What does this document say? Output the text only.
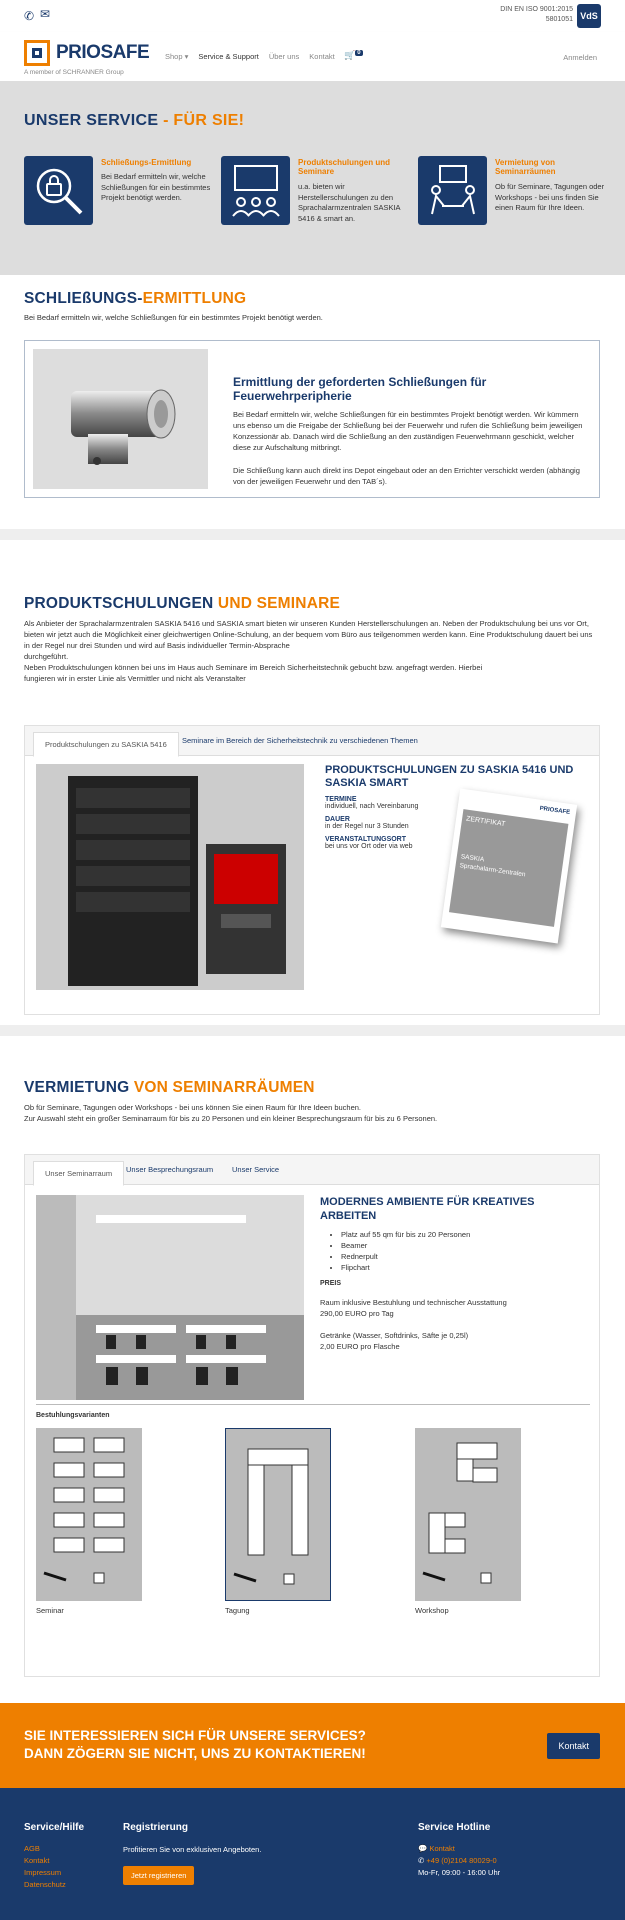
✆ ✉	DIN EN ISO 9001:2015
5801051 VdS
PRIOSAFE
A member of SCHRANNER Group
Shop ▾ Service & Support Über uns Kontakt 🛒 0	Anmelden
UNSER SERVICE - FÜR SIE!
Schließungs-Ermittlung

Bei Bedarf ermitteln wir, welche Schließungen für ein bestimmtes Projekt benötigt werden.

Produktschulungen und Seminare

u.a. bieten wir Herstellerschulungen zu den Sprachalarmzentralen SASKIA 5416 & smart an.

Vermietung von Seminarräumen

Ob für Seminare, Tagungen oder Workshops - bei uns finden Sie einen Raum für Ihre Ideen.

SCHLIEßUNGS-ERMITTLUNG
Bei Bedarf ermitteln wir, welche Schließungen für ein bestimmtes Projekt benötigt werden.
Ermittlung der geforderten Schließungen für Feuerwehrperipherie
Bei Bedarf ermitteln wir, welche Schließungen für ein bestimmtes Projekt benötigt werden. Wir kümmern uns ebenso um die Freigabe der Schließung bei der Feuerwehr und rufen die Schließung beim jeweiligen Konzessionär ab. Danach wird die Schließung an den zuständigen Feuerwehrmann geschickt, welcher diese zur Aufschaltung mitbringt.
Die Schließung kann auch direkt ins Depot eingebaut oder an den Errichter verschickt werden (abhängig von der jeweiligen Feuerwehr und den TAB´s).
PRODUKTSCHULUNGEN UND SEMINARE
Als Anbieter der Sprachalarmzentralen SASKIA 5416 und SASKIA smart bieten wir unseren Kunden Herstellerschulungen an. Neben der Produktschulung bei uns vor Ort, bieten wir jetzt auch die Möglichkeit einer gleichwertigen Online-Schulung, an der bequem vom Büro aus teilgenommen werden kann. Eine Produktschulung dauert bei uns in der Regel nur drei Stunden und wird auf Basis individueller Termin-Absprache
durchgeführt.
Neben Produktschulungen können bei uns im Haus auch Seminare im Bereich Sicherheitstechnik gebucht bzw. angefragt werden. Hierbei
fungieren wir in erster Linie als Vermittler und nicht als Veranstalter
Produktschulungen zu SASKIA 5416	Seminare im Bereich der Sicherheitstechnik zu verschiedenen Themen
PRODUKTSCHULUNGEN ZU SASKIA 5416 UND SASKIA SMART
TERMINE
individuell, nach Vereinbarung
DAUER
in der Regel nur 3 Stunden
VERANSTALTUNGSORT
bei uns vor Ort oder via web
PRIOSAFE
ZERTIFIKAT
SASKIA
Sprachalarm-Zentralen
VERMIETUNG VON SEMINARRÄUMEN
Ob für Seminare, Tagungen oder Workshops - bei uns können Sie einen Raum für Ihre Ideen buchen.
Zur Auswahl steht ein großer Seminarraum für bis zu 20 Personen und ein kleiner Besprechungsraum für bis zu 6 Personen.
Unser Seminarraum	Unser Besprechungsraum	Unser Service
MODERNES AMBIENTE FÜR KREATIVES ARBEITEN
• Platz auf 55 qm für bis zu 20 Personen
• Beamer
• Rednerpult
• Flipchart
PREIS
Raum inklusive Bestuhlung und technischer Ausstattung
290,00 EURO pro Tag
Getränke (Wasser, Softdrinks, Säfte je 0,25l)
2,00 EURO pro Flasche
Bestuhlungsvarianten
Seminar	Tagung	Workshop
SIE INTERESSIEREN SICH FÜR UNSERE SERVICES?
DANN ZÖGERN SIE NICHT, UNS ZU KONTAKTIEREN!	Kontakt
Service/Hilfe
AGB
Kontakt
Impressum
Datenschutz
Registrierung
Profitieren Sie von exklusiven Angeboten.
Jetzt registrieren
Service Hotline
💬 Kontakt
✆ +49 (0)2104 80029-0
Mo-Fr, 09:00 - 16:00 Uhr
